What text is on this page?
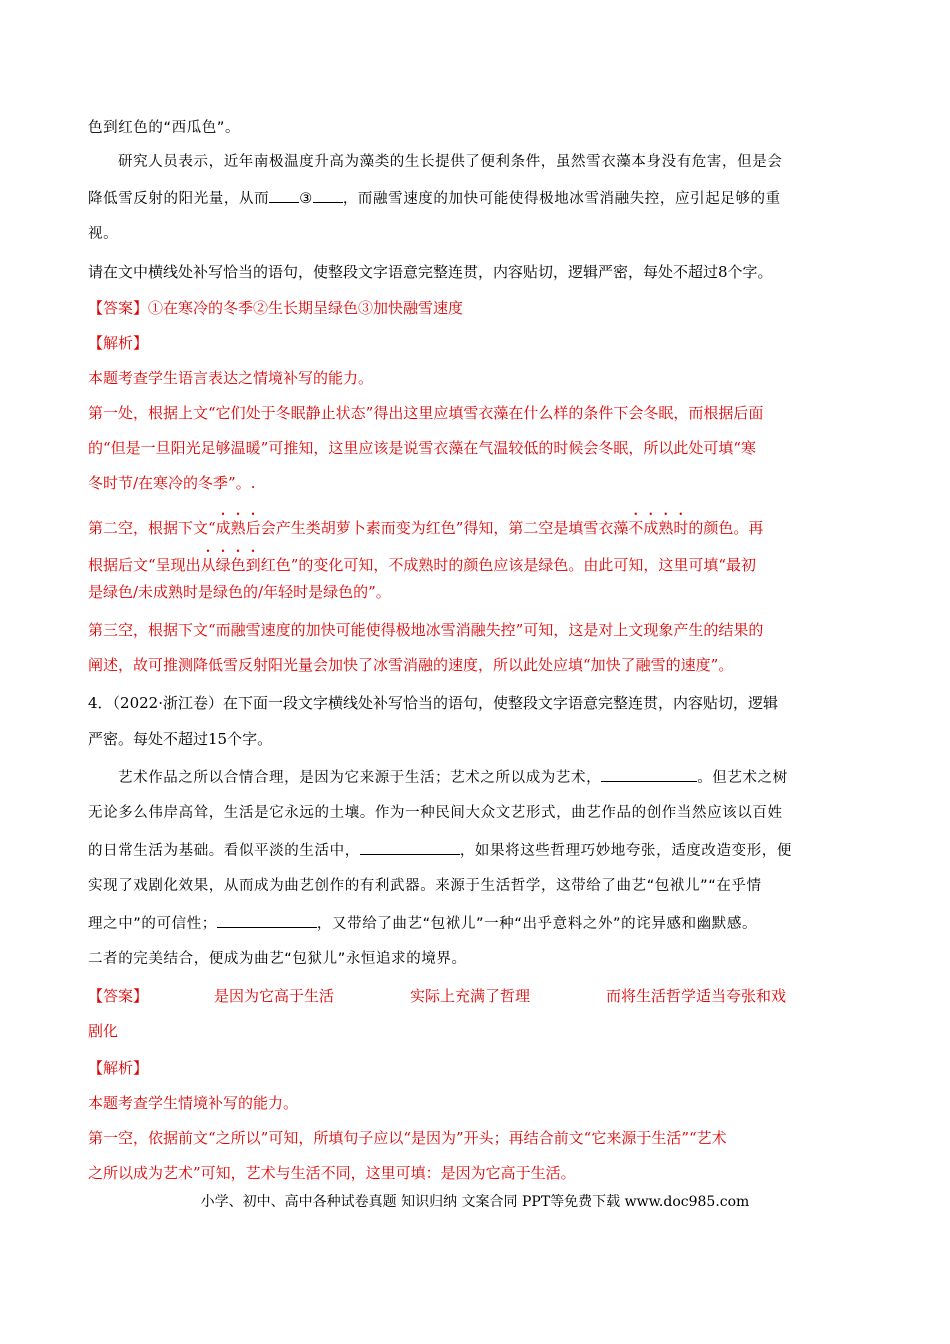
色到红色的“西瓜色”。
研究人员表示，近年南极温度升高为藻类的生长提供了便利条件，虽然雪衣藻本身没有危害，但是会
降低雪反射的阳光量，从而 ③ ，而融雪速度的加快可能使得极地冰雪消融失控，应引起足够的重
视。
请在文中横线处补写恰当的语句，使整段文字语意完整连贯，内容贴切，逻辑严密，每处不超过8个字。
【答案】①在寒冷的冬季②生长期呈绿色③加快融雪速度
【解析】
本题考查学生语言表达之情境补写的能力。
第一处，根据上文“它们处于冬眠静止状态”得出这里应填雪衣藻在什么样的条件下会冬眠，而根据后面
的“但是一旦阳光足够温暖”可推知，这里应该是说雪衣藻在气温较低的时候会冬眠，所以此处可填“寒
冬时节/在寒冷的冬季”。.
第二空，根据下文“成熟后会产生类胡萝卜素而变为红色”得知，第二空是填雪衣藻不成熟时的颜色。再
根据后文“呈现出从绿色到红色”的变化可知，不成熟时的颜色应该是绿色。由此可知，这里可填“最初
是绿色/未成熟时是绿色的/年轻时是绿色的”。
第三空，根据下文“而融雪速度的加快可能使得极地冰雪消融失控”可知，这是对上文现象产生的结果的
阐述，故可推测降低雪反射阳光量会加快了冰雪消融的速度，所以此处应填“加快了融雪的速度”。
4．（2022·浙江卷）在下面一段文字横线处补写恰当的语句，使整段文字语意完整连贯，内容贴切，逻辑
严密。每处不超过15个字。
艺术作品之所以合情合理，是因为它来源于生活；艺术之所以成为艺术，	。但艺术之树
无论多么伟岸高耸，生活是它永远的土壤。作为一种民间大众文艺形式，曲艺作品的创作当然应该以百姓
的日常生活为基础。看似平淡的生活中，	，如果将这些哲理巧妙地夸张，适度改造变形，便
实现了戏剧化效果，从而成为曲艺创作的有利武器。来源于生活哲学，这带给了曲艺“包袱儿”“在乎情
理之中”的可信性；	，又带给了曲艺“包袱儿”一种“出乎意料之外”的诧异感和幽默感。
二者的完美结合，便成为曲艺“包狱儿”永恒追求的境界。
【答案】	是因为它高于生活	实际上充满了哲理	而将生活哲学适当夸张和戏
剧化
【解析】
本题考查学生情境补写的能力。
第一空，依据前文“之所以”可知，所填句子应以“是因为”开头；再结合前文“它来源于生活”“艺术
之所以成为艺术”可知，艺术与生活不同，这里可填：是因为它高于生活。
小学、初中、高中各种试卷真题 知识归纳 文案合同 PPT等免费下载 www.doc985.com
